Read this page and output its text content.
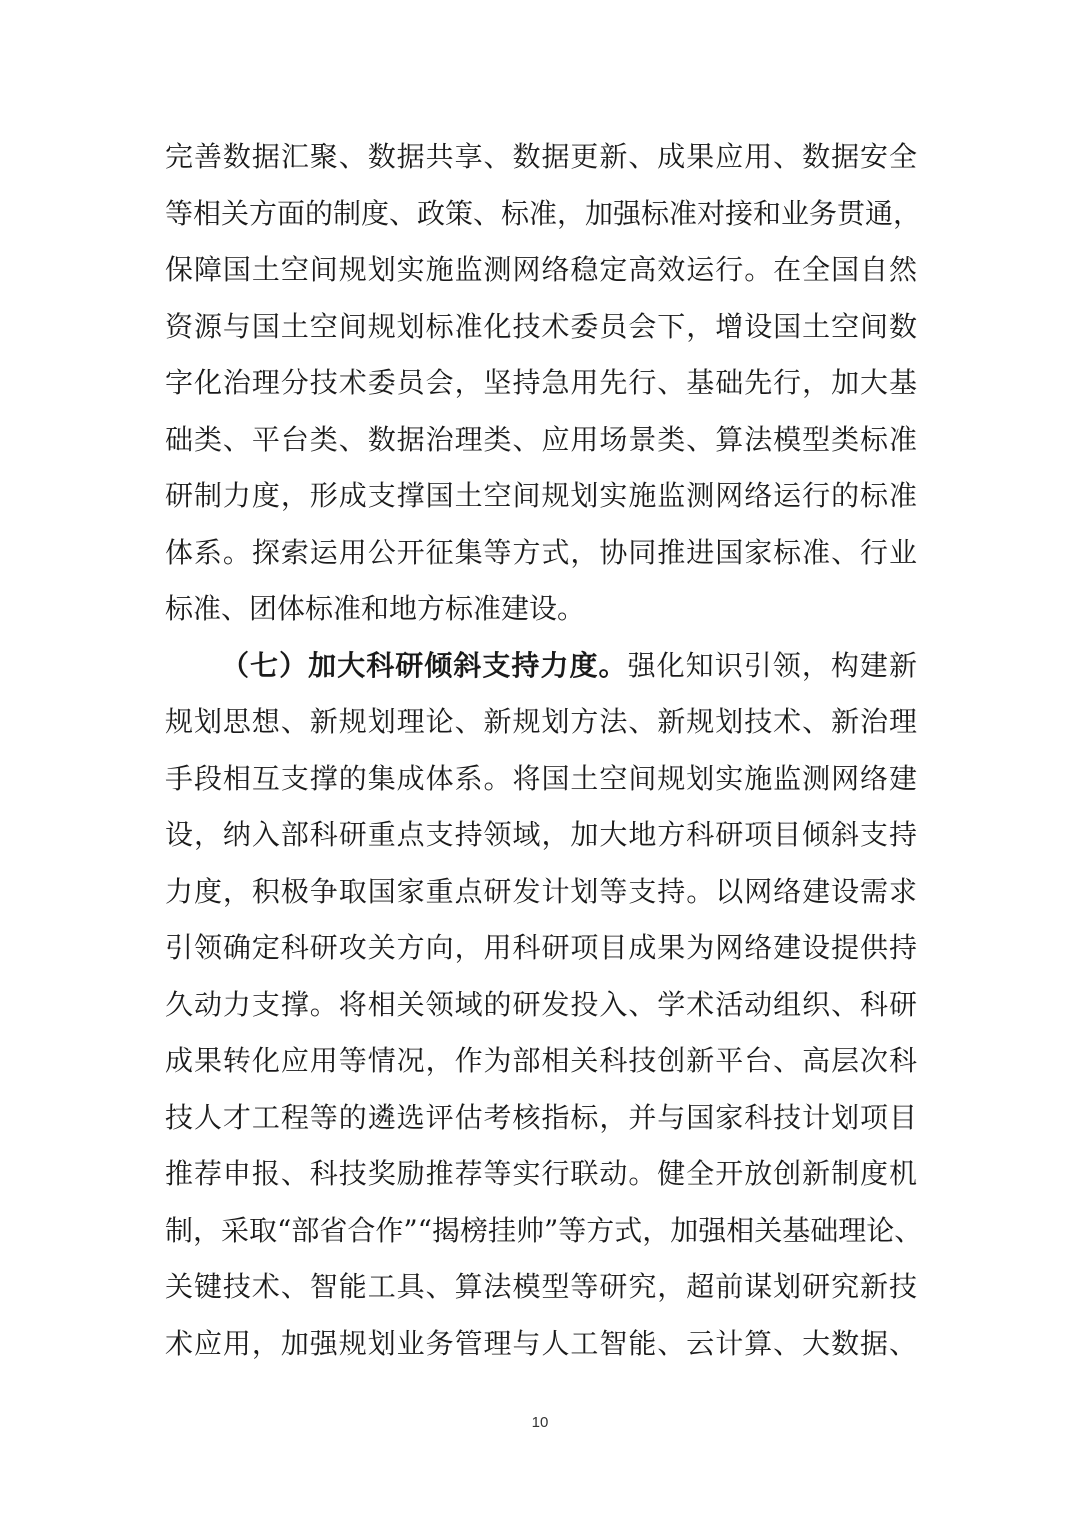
完善数据汇聚、数据共享、数据更新、成果应用、数据安全
等相关方面的制度、政策、标准，加强标准对接和业务贯通，
保障国土空间规划实施监测网络稳定高效运行。在全国自然
资源与国土空间规划标准化技术委员会下，增设国土空间数
字化治理分技术委员会，坚持急用先行、基础先行，加大基
础类、平台类、数据治理类、应用场景类、算法模型类标准
研制力度，形成支撑国土空间规划实施监测网络运行的标准
体系。探索运用公开征集等方式，协同推进国家标准、行业
标准、团体标准和地方标准建设。
（七）加大科研倾斜支持力度。强化知识引领，构建新
规划思想、新规划理论、新规划方法、新规划技术、新治理
手段相互支撑的集成体系。将国土空间规划实施监测网络建
设，纳入部科研重点支持领域，加大地方科研项目倾斜支持
力度，积极争取国家重点研发计划等支持。以网络建设需求
引领确定科研攻关方向，用科研项目成果为网络建设提供持
久动力支撑。将相关领域的研发投入、学术活动组织、科研
成果转化应用等情况，作为部相关科技创新平台、高层次科
技人才工程等的遴选评估考核指标，并与国家科技计划项目
推荐申报、科技奖励推荐等实行联动。健全开放创新制度机
制，采取“部省合作”“揭榜挂帅”等方式，加强相关基础理论、
关键技术、智能工具、算法模型等研究，超前谋划研究新技
术应用，加强规划业务管理与人工智能、云计算、大数据、
10
